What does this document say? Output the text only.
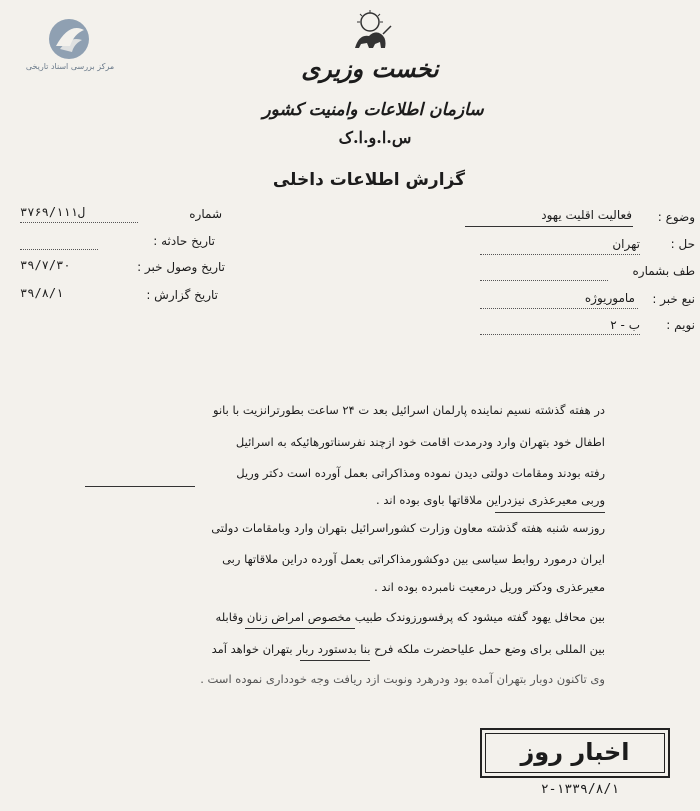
مرکز بررسی اسناد تاریخی	نخست وزیری
سازمان اطلاعات وامنیت کشور
س.ا.و.ا.ک
گزارش اطلاعات داخلی
شماره
۳۷۶۹/۱۱ل۱
تاریخ حادثه :
تاریخ وصول خبر :
۳۹/۷/۳۰
تاریخ گزارش :
۳۹/۸/۱
وضوع :
فعالیت اقلیت یهود
حل :
تهران
طف بشماره
نبع خبر :
ماموریوژه
نویم :
ب - ۲
در هفته گذشته نسیم نماینده پارلمان اسرائیل بعد ت ۲۴ ساعت بطورترانزیت با بانو
اطفال خود بتهران وارد ودرمدت اقامت خود ازچند نفرسناتورهائیکه به اسرائیل
رفته بودند ومقامات دولتی دیدن نموده ومذاکراتی بعمل آورده است دکتر وریل
وربی معیرعذری نیزدراین ملاقاتها باوی بوده اند .
روزسه شنبه هفته گذشته معاون وزارت کشوراسرائیل بتهران وارد وبامقامات دولتی
ایران درمورد روابط سیاسی بین دوکشورمذاکراتی بعمل آورده دراین ملاقاتها ربی
معیرعذری ودکتر وریل درمعیت نامبرده بوده اند .
بین محافل یهود گفته میشود که پرفسورزوندک طبیب مخصوص امراض زنان وقابله
بین المللی برای وضع حمل علیاحضرت ملکه فرح بنا بدستورد ربار بتهران خواهد آمد
وی تاکنون دوبار بتهران آمده بود ودرهرد ونوبت ازد ریافت وجه خودداری نموده است .
اخبار روز
۲-۱۳۳۹/۸/۱
